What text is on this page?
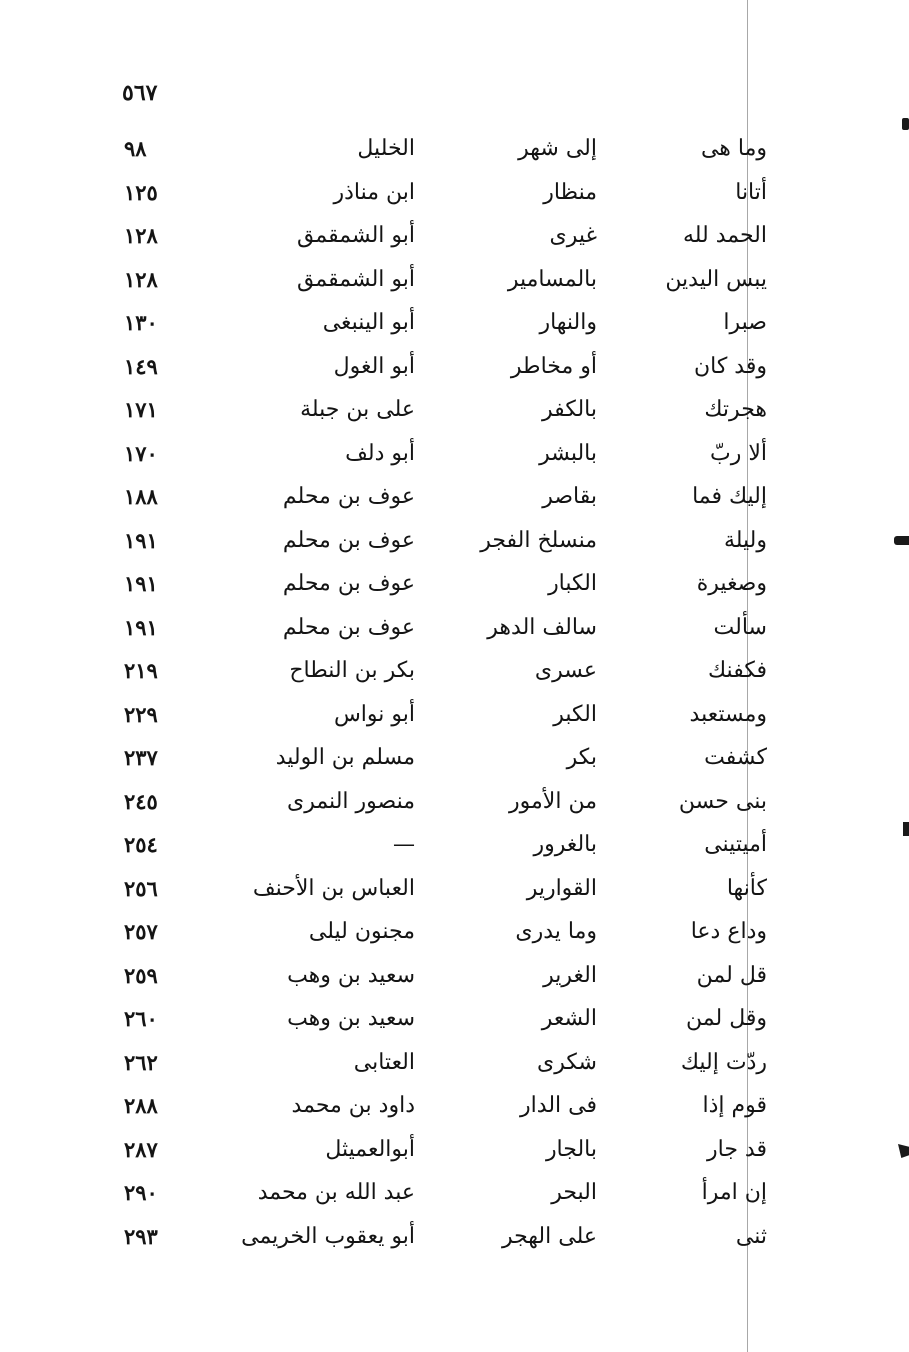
٥٦٧
وما هى
إلى شهر
الخليل
٩٨
أتانا
منظار
ابن مناذر
١٢٥
الحمد لله
غيرى
أبو الشمقمق
١٢٨
يبس اليدين
بالمسامير
أبو الشمقمق
١٢٨
صبرا
والنهار
أبو الينبغى
١٣٠
وقد كان
أو مخاطر
أبو الغول
١٤٩
هجرتك
بالكفر
على بن جبلة
١٧١
ألا ربّ
بالبشر
أبو دلف
١٧٠
إليك فما
بقاصر
عوف بن محلم
١٨٨
وليلة
منسلخ الفجر
عوف بن محلم
١٩١
وصغيرة
الكبار
عوف بن محلم
١٩١
سألت
سالف الدهر
عوف بن محلم
١٩١
فكفنك
عسرى
بكر بن النطاح
٢١٩
ومستعبد
الكبر
أبو نواس
٢٢٩
كشفت
بكر
مسلم بن الوليد
٢٣٧
بنى حسن
من الأمور
منصور النمرى
٢٤٥
أميتينى
بالغرور
—
٢٥٤
كأنها
القوارير
العباس بن الأحنف
٢٥٦
وداع دعا
وما يدرى
مجنون ليلى
٢٥٧
قل لمن
الغرير
سعيد بن وهب
٢٥٩
وقل لمن
الشعر
سعيد بن وهب
٢٦٠
ردّت إليك
شكرى
العتابى
٢٦٢
قوم إذا
فى الدار
داود بن محمد
٢٨٨
قد جار
بالجار
أبوالعميثل
٢٨٧
إن امرأ
البحر
عبد الله بن محمد
٢٩٠
ثنى
على الهجر
أبو يعقوب الخريمى
٢٩٣
